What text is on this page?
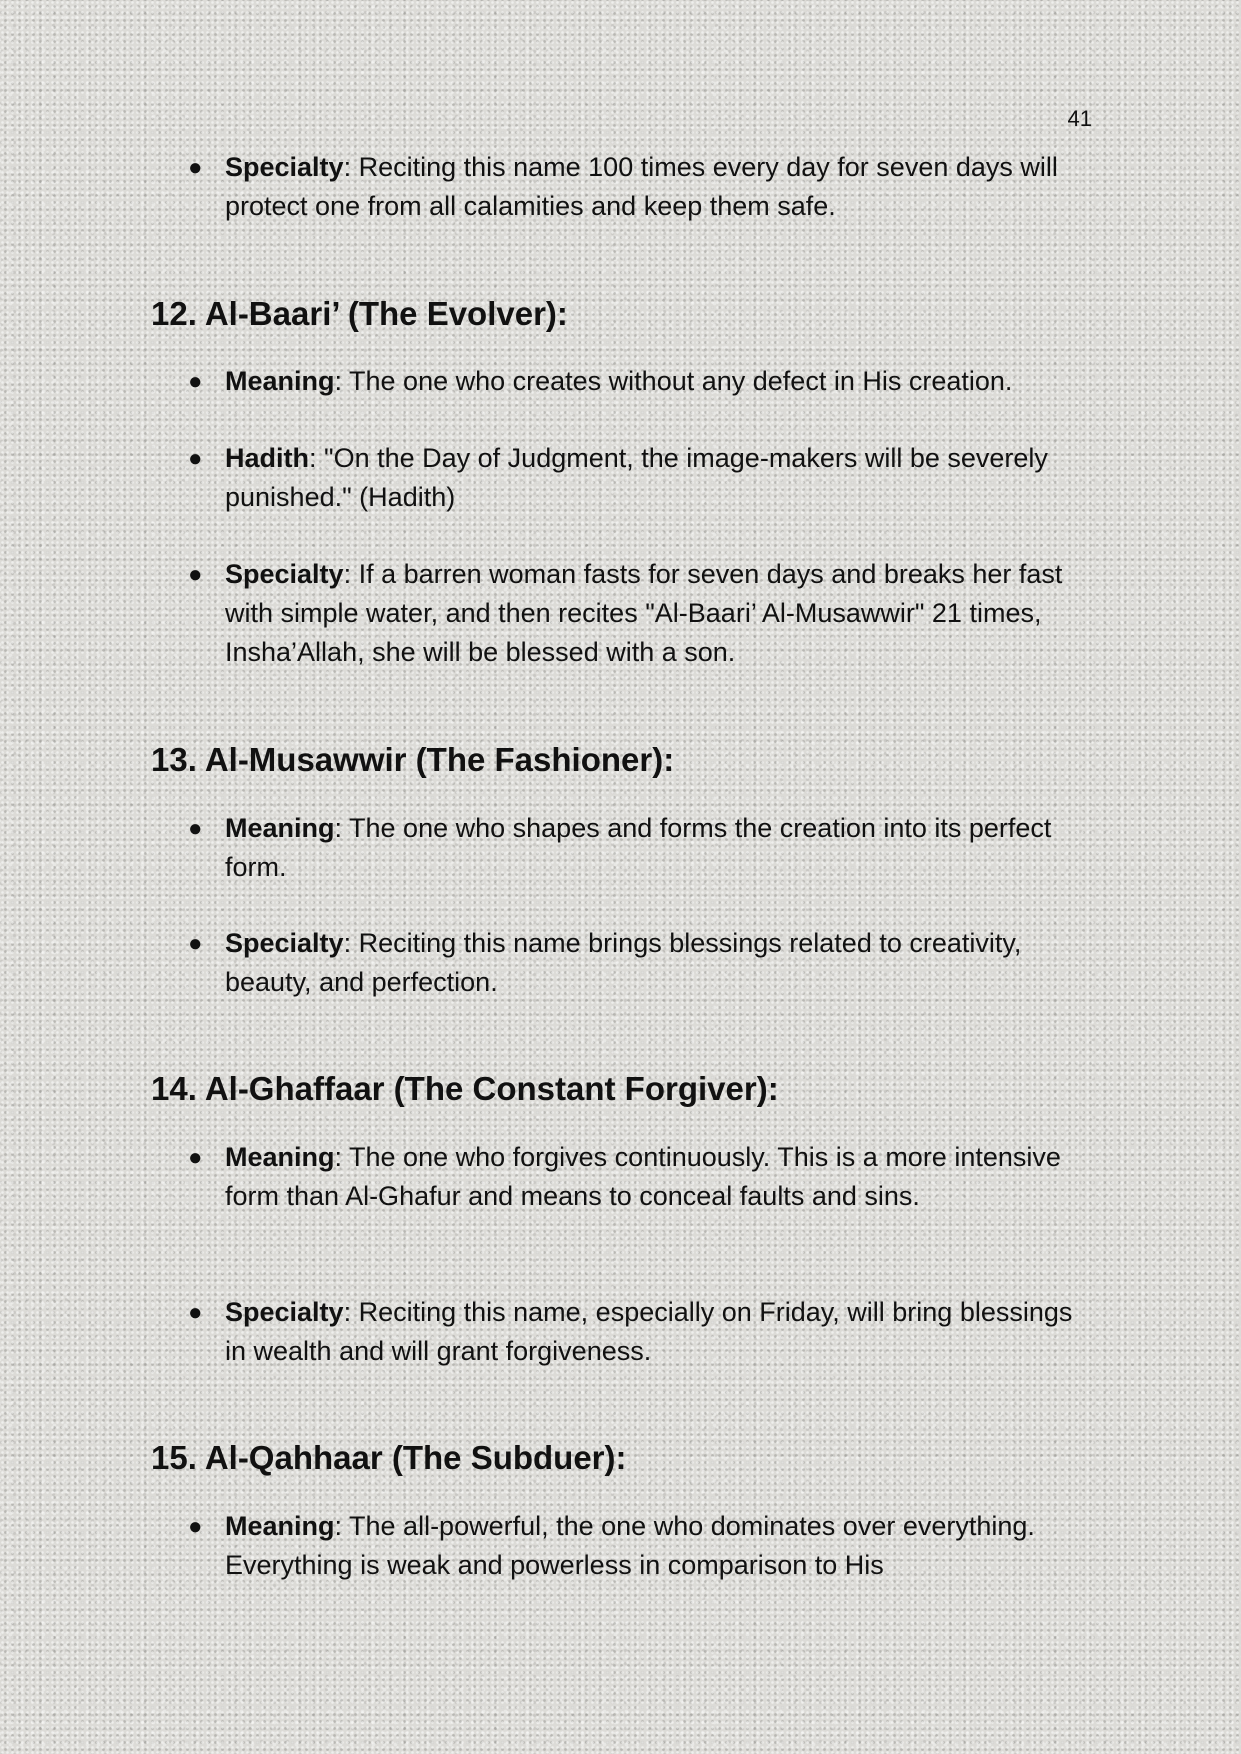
41
● Specialty: Reciting this name 100 times every day for seven days will protect one from all calamities and keep them safe.
12. Al-Baari’ (The Evolver):
● Meaning: The one who creates without any defect in His creation.
● Hadith: "On the Day of Judgment, the image-makers will be severely punished." (Hadith)
● Specialty: If a barren woman fasts for seven days and breaks her fast with simple water, and then recites "Al-Baari’ Al-Musawwir" 21 times, Insha’Allah, she will be blessed with a son.
13. Al-Musawwir (The Fashioner):
● Meaning: The one who shapes and forms the creation into its perfect form.
● Specialty: Reciting this name brings blessings related to creativity, beauty, and perfection.
14. Al-Ghaffaar (The Constant Forgiver):
● Meaning: The one who forgives continuously. This is a more intensive form than Al-Ghafur and means to conceal faults and sins.
● Specialty: Reciting this name, especially on Friday, will bring blessings in wealth and will grant forgiveness.
15. Al-Qahhaar (The Subduer):
● Meaning: The all-powerful, the one who dominates over everything. Everything is weak and powerless in comparison to His
